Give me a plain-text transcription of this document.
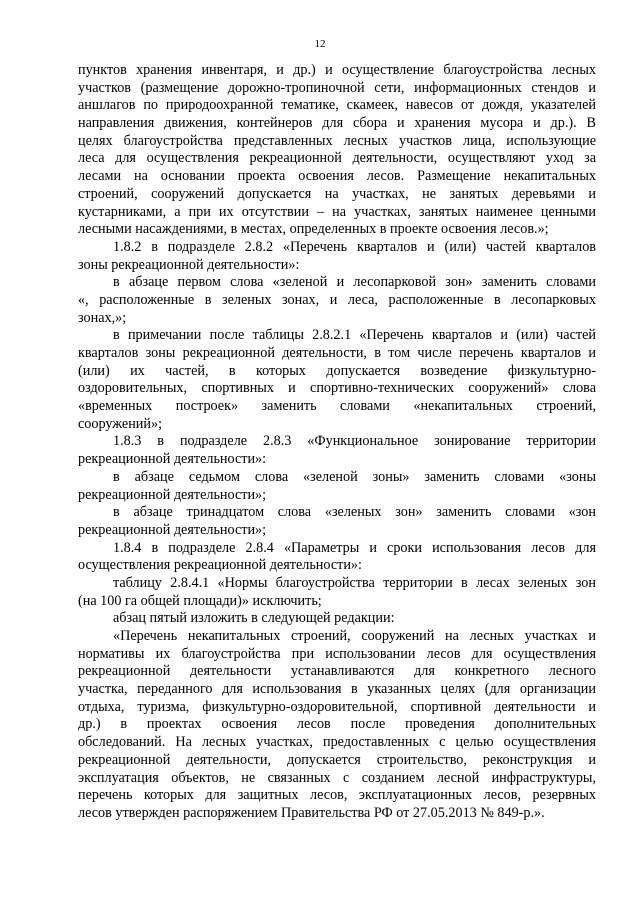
12
пунктов хранения инвентаря, и др.) и осуществление благоустройства лесных
участков (размещение дорожно-тропиночной сети, информационных стендов и
аншлагов по природоохранной тематике, скамеек, навесов от дождя, указателей
направления движения, контейнеров для сбора и хранения мусора и др.). В
целях благоустройства представленных лесных участков лица, использующие
леса для осуществления рекреационной деятельности, осуществляют уход за
лесами на основании проекта освоения лесов. Размещение некапитальных
строений, сооружений допускается на участках, не занятых деревьями и
кустарниками, а при их отсутствии – на участках, занятых наименее ценными
лесными насаждениями, в местах, определенных в проекте освоения лесов.»;
1.8.2 в подразделе 2.8.2 «Перечень кварталов и (или) частей кварталов
зоны рекреационной деятельности»:
в абзаце первом слова «зеленой и лесопарковой зон» заменить словами
«, расположенные в зеленых зонах, и леса, расположенные в лесопарковых
зонах,»;
в примечании после таблицы 2.8.2.1 «Перечень кварталов и (или) частей
кварталов зоны рекреационной деятельности, в том числе перечень кварталов и
(или) их частей, в которых допускается возведение физкультурно-
оздоровительных, спортивных и спортивно-технических сооружений» слова
«временных построек» заменить словами «некапитальных строений,
сооружений»;
1.8.3 в подразделе 2.8.3 «Функциональное зонирование территории
рекреационной деятельности»:
в абзаце седьмом слова «зеленой зоны» заменить словами «зоны
рекреационной деятельности»;
в абзаце тринадцатом слова «зеленых зон» заменить словами «зон
рекреационной деятельности»;
1.8.4 в подразделе 2.8.4 «Параметры и сроки использования лесов для
осуществления рекреационной деятельности»:
таблицу 2.8.4.1 «Нормы благоустройства территории в лесах зеленых зон
(на 100 га общей площади)» исключить;
абзац пятый изложить в следующей редакции:
«Перечень некапитальных строений, сооружений на лесных участках и
нормативы их благоустройства при использовании лесов для осуществления
рекреационной деятельности устанавливаются для конкретного лесного
участка, переданного для использования в указанных целях (для организации
отдыха, туризма, физкультурно-оздоровительной, спортивной деятельности и
др.) в проектах освоения лесов после проведения дополнительных
обследований. На лесных участках, предоставленных с целью осуществления
рекреационной деятельности, допускается строительство, реконструкция и
эксплуатация объектов, не связанных с созданием лесной инфраструктуры,
перечень которых для защитных лесов, эксплуатационных лесов, резервных
лесов утвержден распоряжением Правительства РФ от 27.05.2013 № 849-р.».
